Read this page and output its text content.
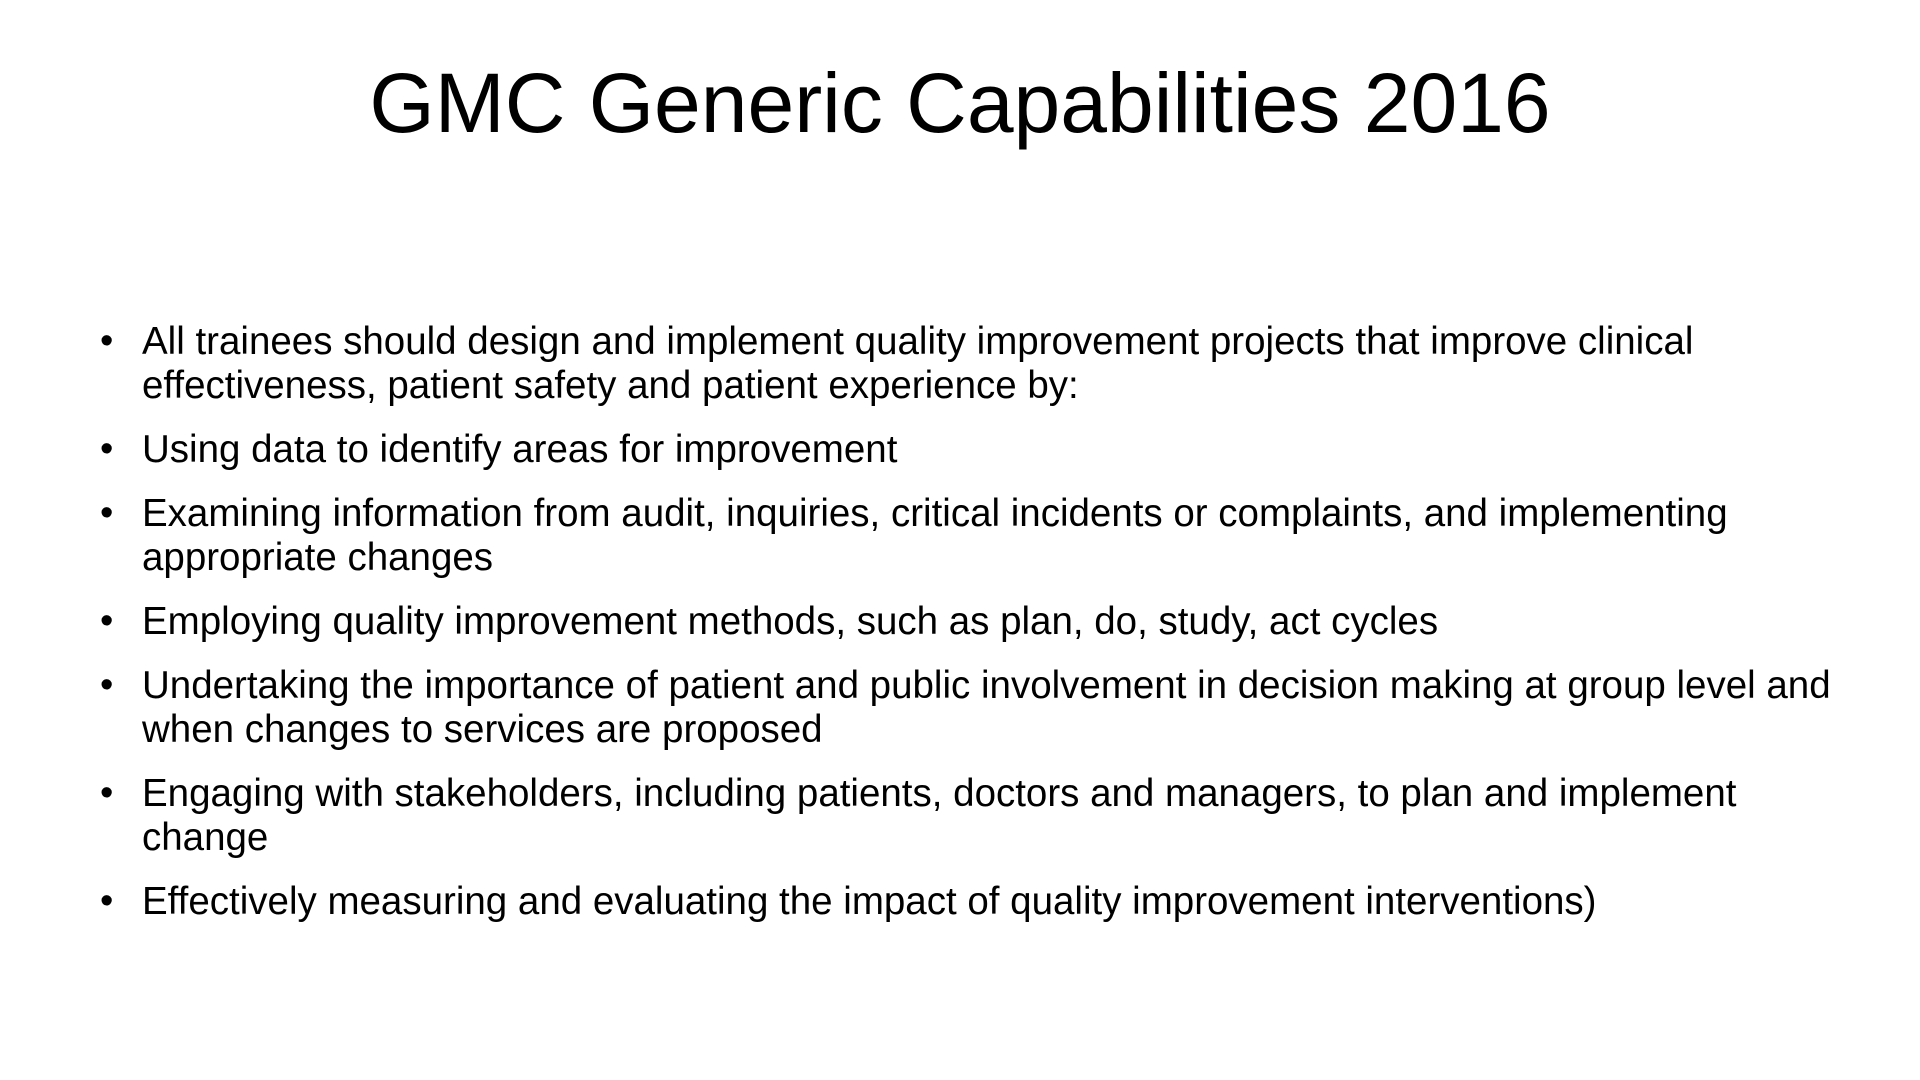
GMC Generic Capabilities 2016
• All trainees should design and implement quality improvement projects that improve clinical effectiveness, patient safety and patient experience by:
• Using data to identify areas for improvement
• Examining information from audit, inquiries, critical incidents or complaints, and implementing appropriate changes
• Employing quality improvement methods, such as plan, do, study, act cycles
• Undertaking the importance of patient and public involvement in decision making at group level and when changes to services are proposed
• Engaging with stakeholders, including patients, doctors and managers, to plan and implement change
• Effectively measuring and evaluating the impact of quality improvement interventions)
